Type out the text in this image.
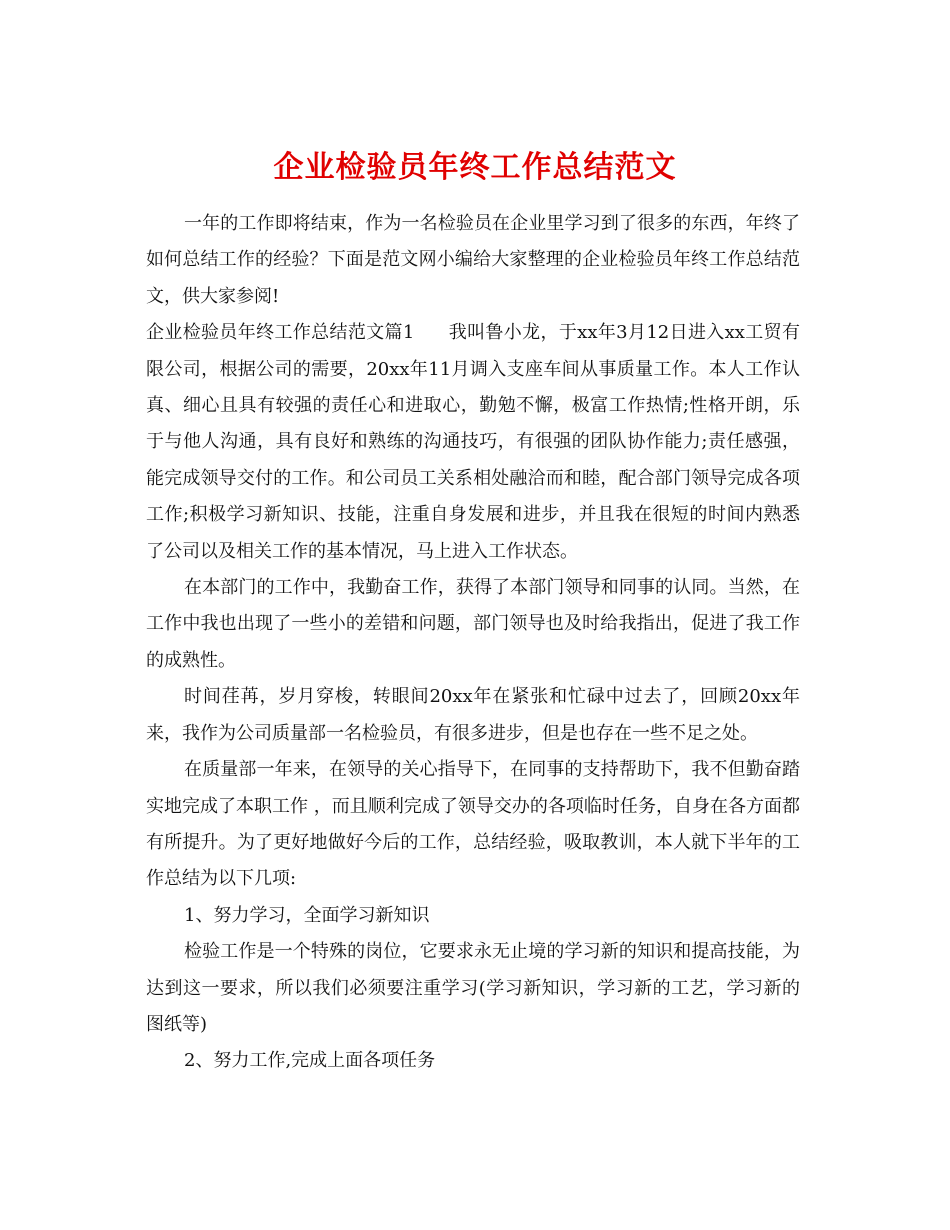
企业检验员年终工作总结范文

一年的工作即将结束，作为一名检验员在企业里学习到了很多的东西，年终了如何总结工作的经验？下面是范文网小编给大家整理的企业检验员年终工作总结范文，供大家参阅!

企业检验员年终工作总结范文篇1 我叫鲁小龙，于xx年3月12日进入xx工贸有限公司，根据公司的需要，20xx年11月调入支座车间从事质量工作。本人工作认真、细心且具有较强的责任心和进取心，勤勉不懈，极富工作热情;性格开朗，乐于与他人沟通，具有良好和熟练的沟通技巧，有很强的团队协作能力;责任感强，能完成领导交付的工作。和公司员工关系相处融洽而和睦，配合部门领导完成各项工作;积极学习新知识、技能，注重自身发展和进步，并且我在很短的时间内熟悉了公司以及相关工作的基本情况，马上进入工作状态。

在本部门的工作中，我勤奋工作，获得了本部门领导和同事的认同。当然，在工作中我也出现了一些小的差错和问题，部门领导也及时给我指出，促进了我工作的成熟性。

时间荏苒，岁月穿梭，转眼间20xx年在紧张和忙碌中过去了，回顾20xx年来，我作为公司质量部一名检验员，有很多进步，但是也存在一些不足之处。

在质量部一年来，在领导的关心指导下，在同事的支持帮助下，我不但勤奋踏实地完成了本职工作 ，而且顺利完成了领导交办的各项临时任务，自身在各方面都有所提升。为了更好地做好今后的工作，总结经验，吸取教训，本人就下半年的工作总结为以下几项:

1、努力学习，全面学习新知识

检验工作是一个特殊的岗位，它要求永无止境的学习新的知识和提高技能，为达到这一要求，所以我们必须要注重学习(学习新知识，学习新的工艺，学习新的图纸等)

2、努力工作,完成上面各项任务
